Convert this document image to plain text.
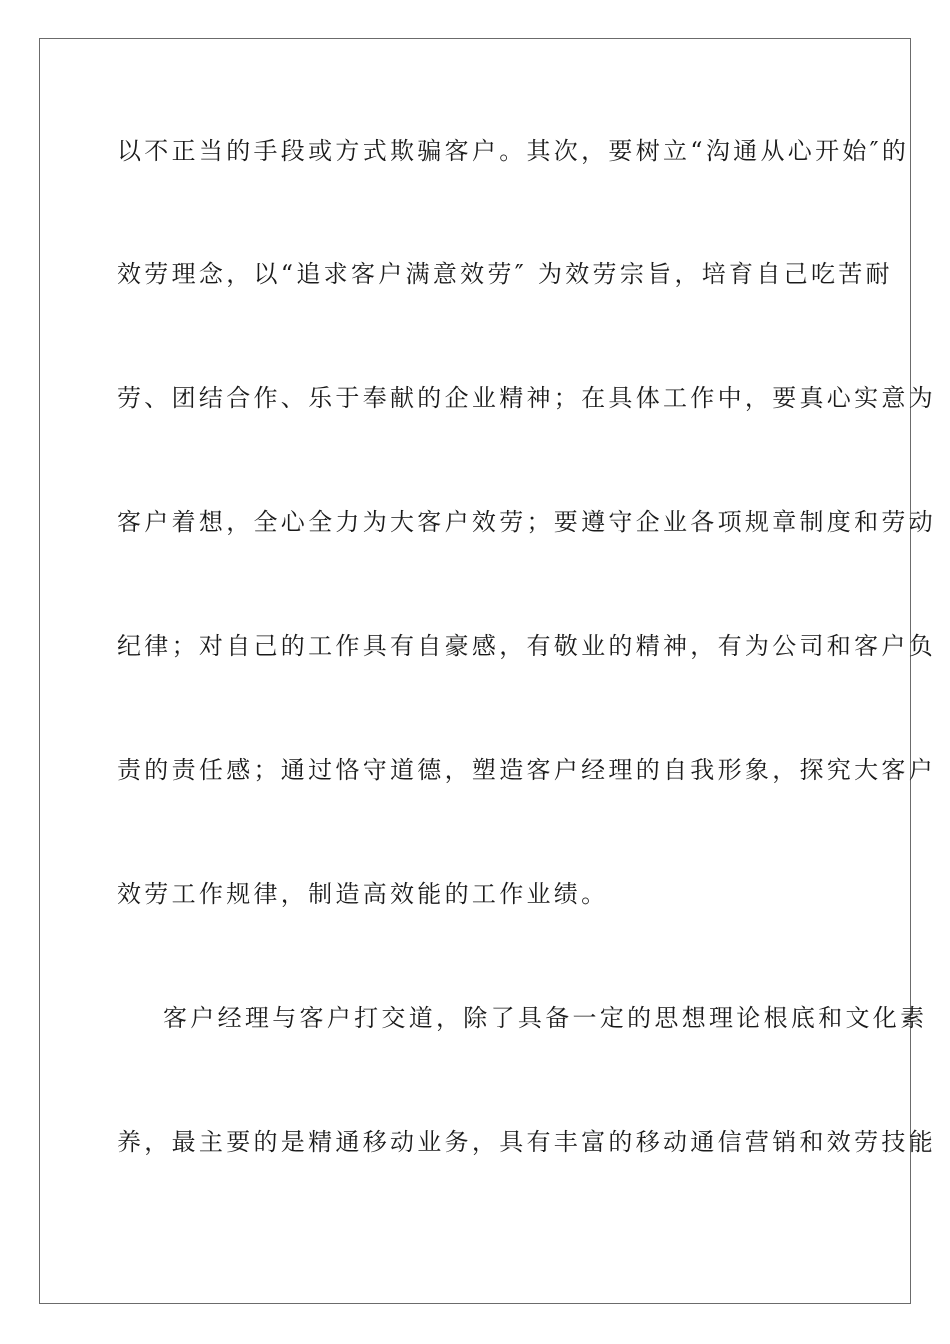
以不正当的手段或方式欺骗客户。其次，要树立“沟通从心开始″的
效劳理念，以“追求客户满意效劳″ 为效劳宗旨，培育自己吃苦耐
劳、团结合作、乐于奉献的企业精神；在具体工作中，要真心实意为
客户着想，全心全力为大客户效劳；要遵守企业各项规章制度和劳动
纪律；对自己的工作具有自豪感，有敬业的精神，有为公司和客户负
责的责任感；通过恪守道德，塑造客户经理的自我形象，探究大客户
效劳工作规律，制造高效能的工作业绩。
客户经理与客户打交道，除了具备一定的思想理论根底和文化素
养，最主要的是精通移动业务，具有丰富的移动通信营销和效劳技能
